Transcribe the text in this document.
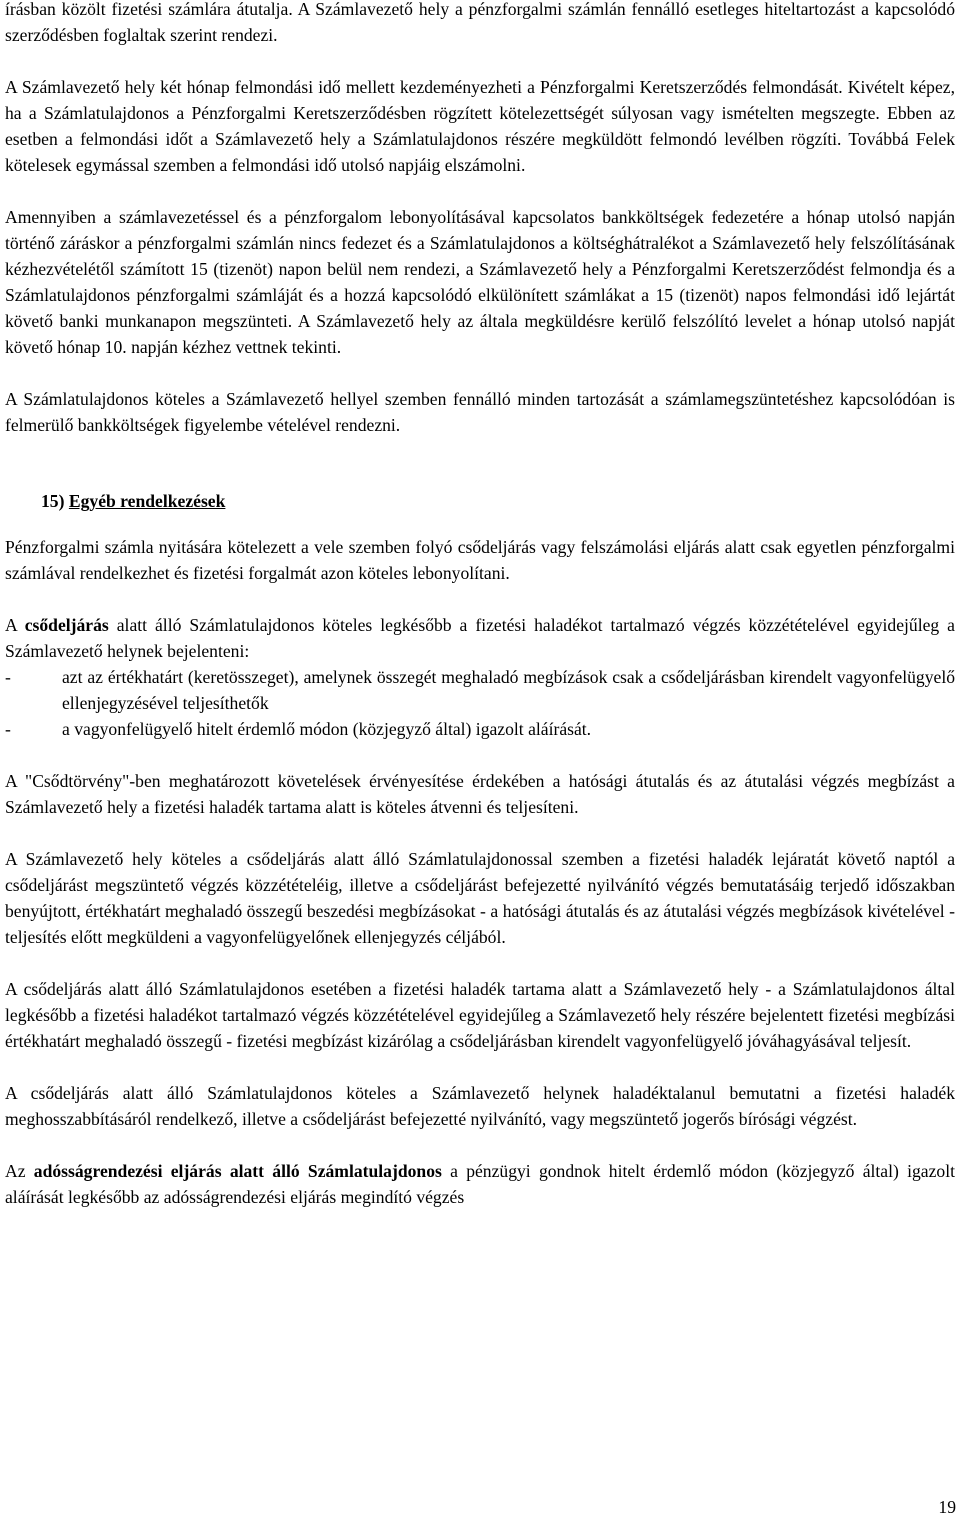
írásban közölt fizetési számlára átutalja. A Számlavezető hely a pénzforgalmi számlán fennálló esetleges hiteltartozást a kapcsolódó szerződésben foglaltak szerint rendezi.

A Számlavezető hely két hónap felmondási idő mellett kezdeményezheti a Pénzforgalmi Keretszerződés felmondását. Kivételt képez, ha a Számlatulajdonos a Pénzforgalmi Keretszerződésben rögzített kötelezettségét súlyosan vagy ismételten megszegte. Ebben az esetben a felmondási időt a Számlavezető hely a Számlatulajdonos részére megküldött felmondó levélben rögzíti. Továbbá Felek kötelesek egymással szemben a felmondási idő utolsó napjáig elszámolni.

Amennyiben a számlavezetéssel és a pénzforgalom lebonyolításával kapcsolatos bankköltségek fedezetére a hónap utolsó napján történő záráskor a pénzforgalmi számlán nincs fedezet és a Számlatulajdonos a költséghátralékot a Számlavezető hely felszólításának kézhezvételétől számított 15 (tizenöt) napon belül nem rendezi, a Számlavezető hely a Pénzforgalmi Keretszerződést felmondja és a Számlatulajdonos pénzforgalmi számláját és a hozzá kapcsolódó elkülönített számlákat a 15 (tizenöt) napos felmondási idő lejártát követő banki munkanapon megszünteti. A Számlavezető hely az általa megküldésre kerülő felszólító levelet a hónap utolsó napját követő hónap 10. napján kézhez vettnek tekinti.

A Számlatulajdonos köteles a Számlavezető hellyel szemben fennálló minden tartozását a számlamegszüntetéshez kapcsolódóan is felmerülő bankköltségek figyelembe vételével rendezni.

15) Egyéb rendelkezések

Pénzforgalmi számla nyitására kötelezett a vele szemben folyó csődeljárás vagy felszámolási eljárás alatt csak egyetlen pénzforgalmi számlával rendelkezhet és fizetési forgalmát azon köteles lebonyolítani.

A csődeljárás alatt álló Számlatulajdonos köteles legkésőbb a fizetési haladékot tartalmazó végzés közzétételével egyidejűleg a Számlavezető helynek bejelenteni:

-	azt az értékhatárt (keretösszeget), amelynek összegét meghaladó megbízások csak a csődeljárásban kirendelt vagyonfelügyelő ellenjegyzésével teljesíthetők
-	a vagyonfelügyelő hitelt érdemlő módon (közjegyző által) igazolt aláírását.

A "Csődtörvény"-ben meghatározott követelések érvényesítése érdekében a hatósági átutalás és az átutalási végzés megbízást a Számlavezető hely a fizetési haladék tartama alatt is köteles átvenni és teljesíteni.

A Számlavezető hely köteles a csődeljárás alatt álló Számlatulajdonossal szemben a fizetési haladék lejáratát követő naptól a csődeljárást megszüntető végzés közzétételéig, illetve a csődeljárást befejezetté nyilvánító végzés bemutatásáig terjedő időszakban benyújtott, értékhatárt meghaladó összegű beszedési megbízásokat - a hatósági átutalás és az átutalási végzés megbízások kivételével - teljesítés előtt megküldeni a vagyonfelügyelőnek ellenjegyzés céljából.

A csődeljárás alatt álló Számlatulajdonos esetében a fizetési haladék tartama alatt a Számlavezető hely - a Számlatulajdonos által legkésőbb a fizetési haladékot tartalmazó végzés közzétételével egyidejűleg a Számlavezető hely részére bejelentett fizetési megbízási értékhatárt meghaladó összegű - fizetési megbízást kizárólag a csődeljárásban kirendelt vagyonfelügyelő jóváhagyásával teljesít.

A csődeljárás alatt álló Számlatulajdonos köteles a Számlavezető helynek haladéktalanul bemutatni a fizetési haladék meghosszabbításáról rendelkező, illetve a csődeljárást befejezetté nyilvánító, vagy megszüntető jogerős bírósági végzést.

Az adósságrendezési eljárás alatt álló Számlatulajdonos a pénzügyi gondnok hitelt érdemlő módon (közjegyző által) igazolt aláírását legkésőbb az adósságrendezési eljárás megindító végzés

19
